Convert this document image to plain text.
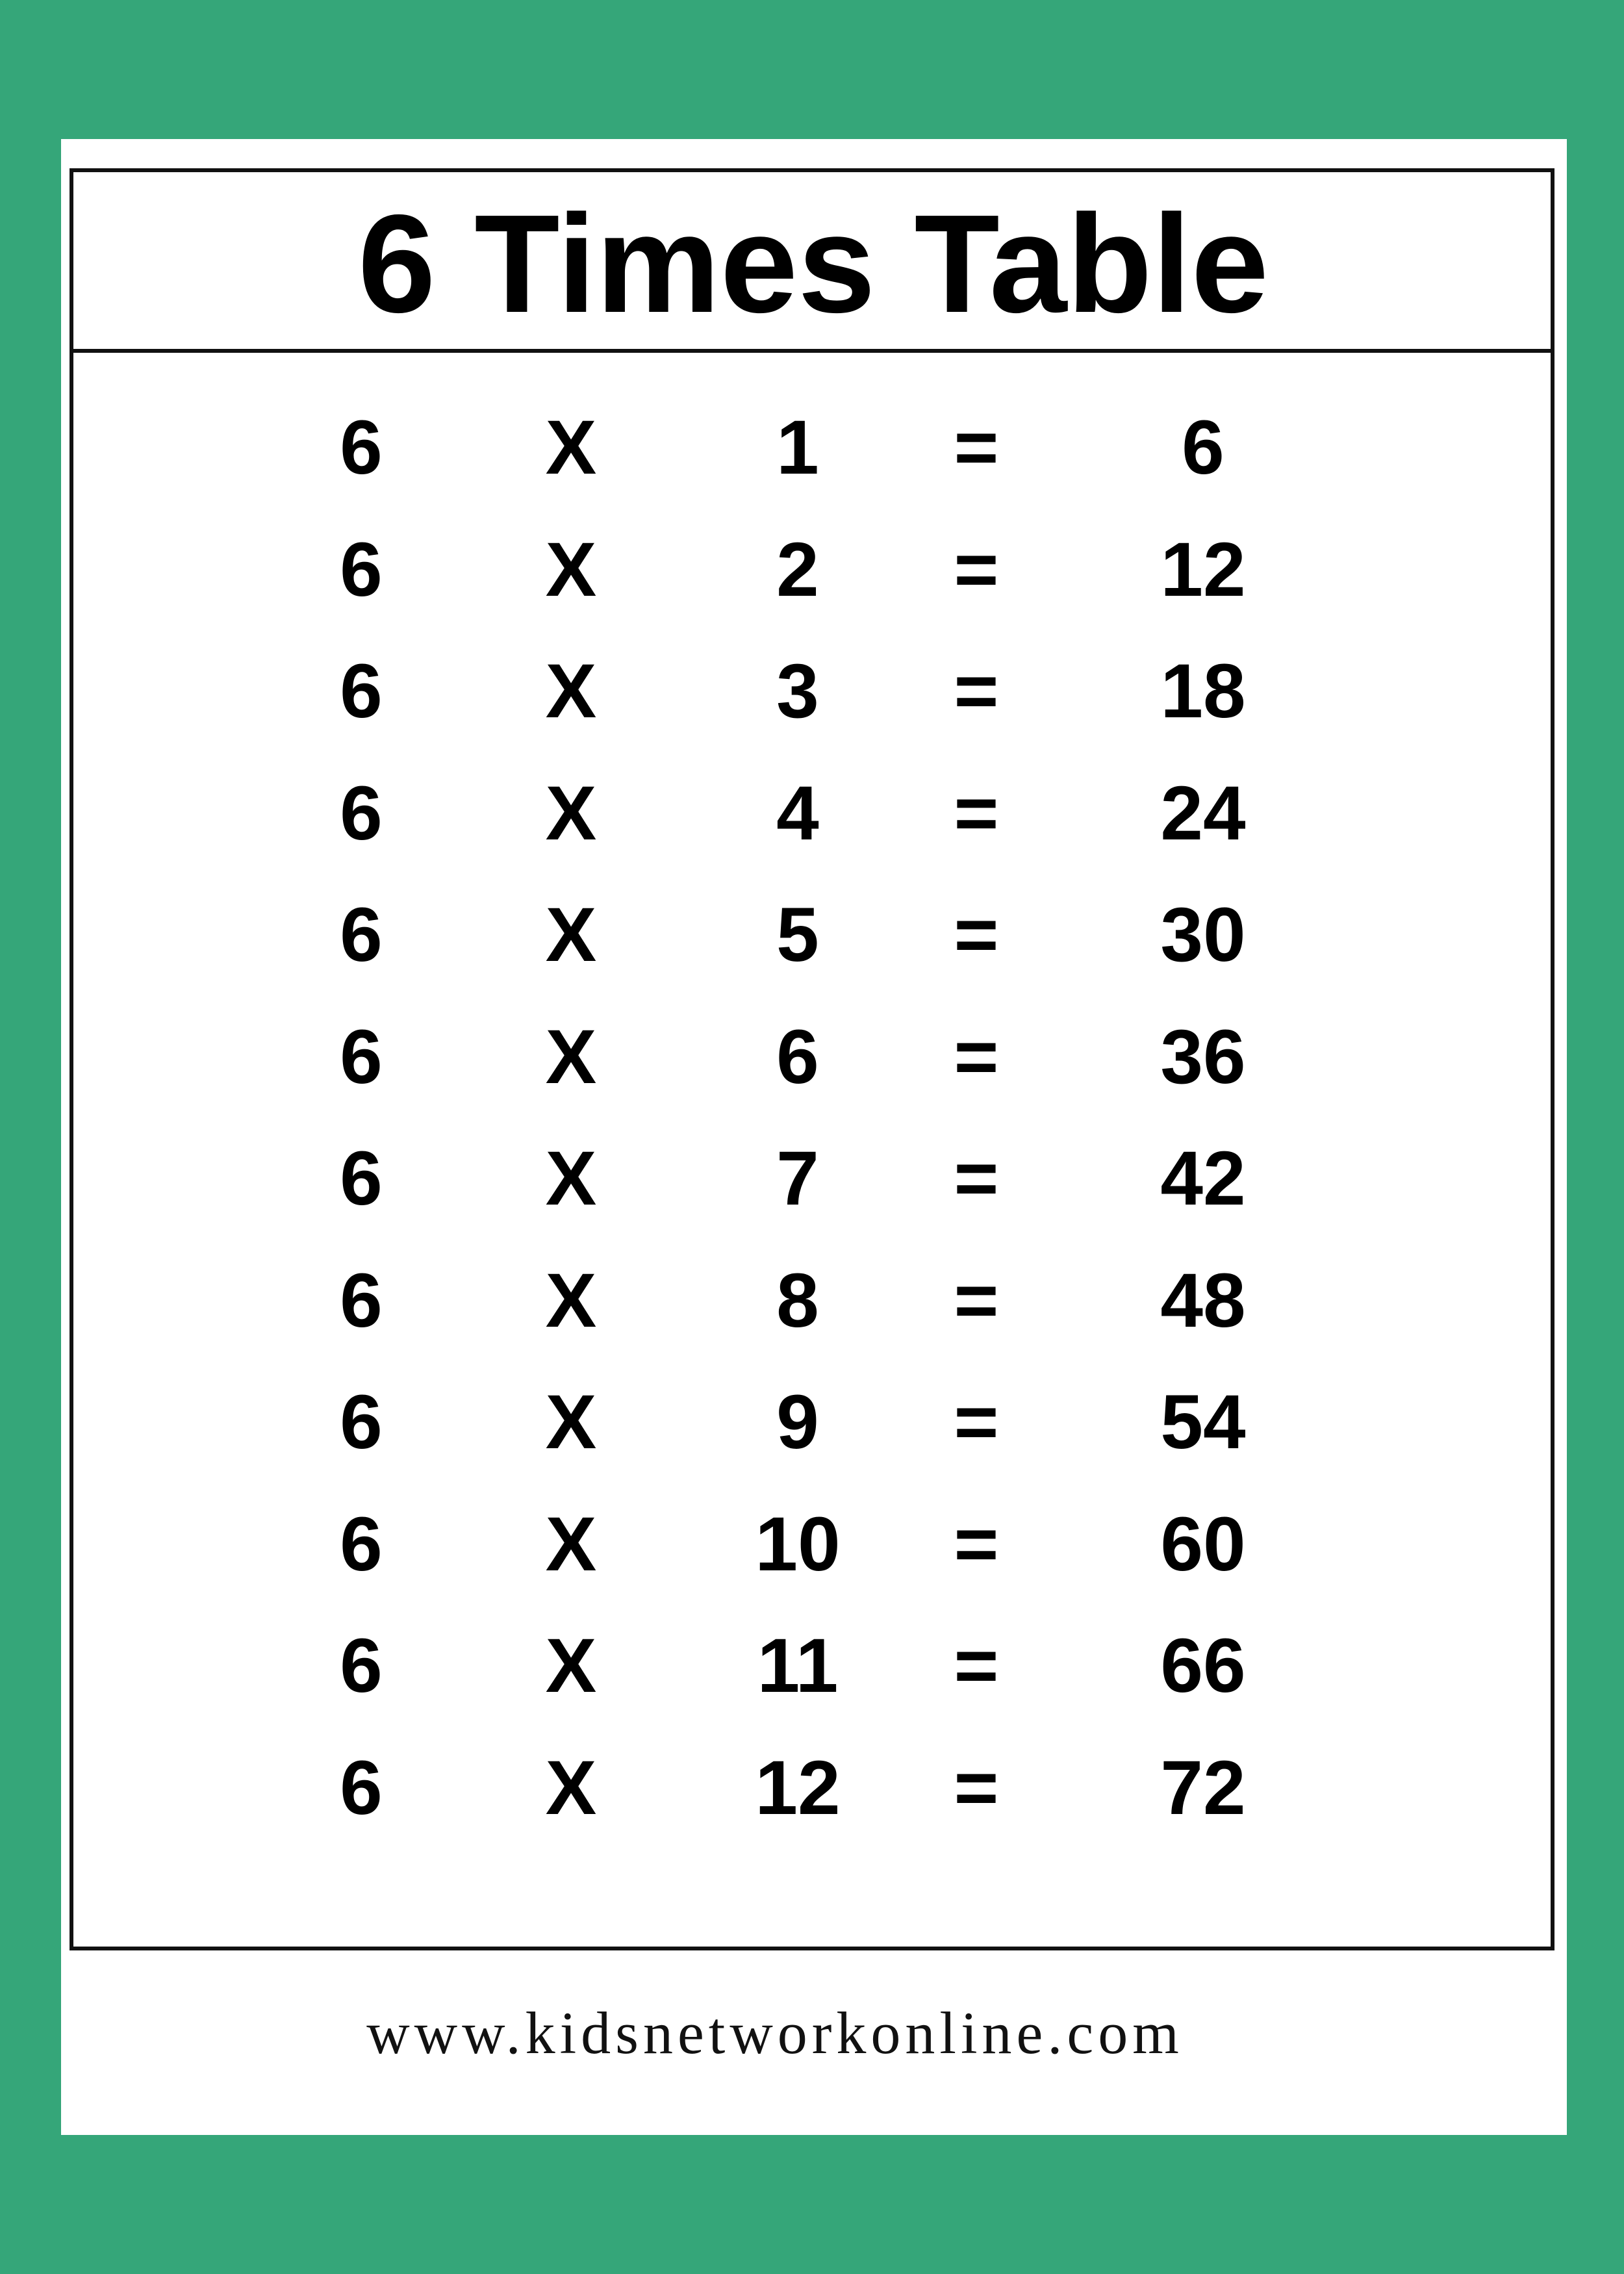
6 Times Table
6 X 1 = 6
6 X 2 = 12
6 X 3 = 18
6 X 4 = 24
6 X 5 = 30
6 X 6 = 36
6 X 7 = 42
6 X 8 = 48
6 X 9 = 54
6 X 10 = 60
6 X 11 = 66
6 X 12 = 72
www.kidsnetworkonline.com
